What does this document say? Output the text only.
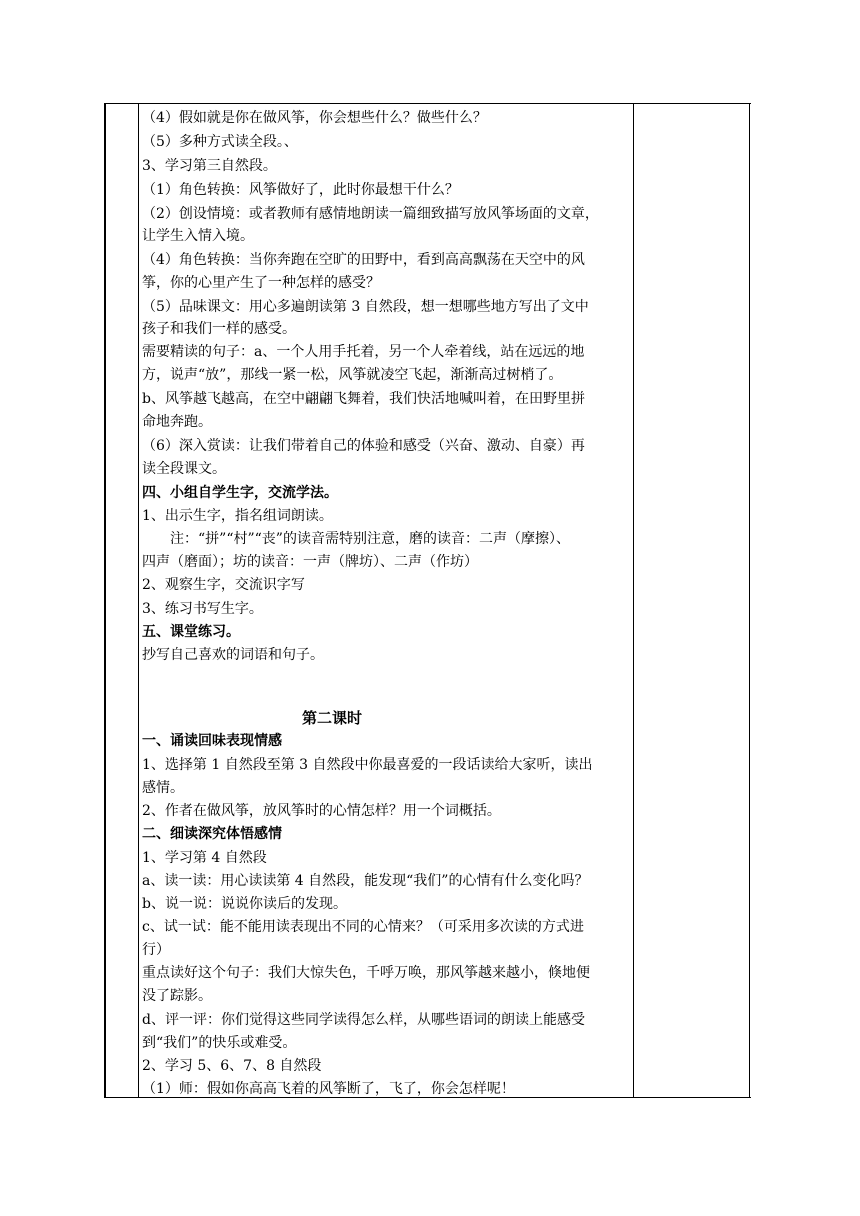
（4）假如就是你在做风筝，你会想些什么？做些什么？
（5）多种方式读全段。、
3、学习第三自然段。
（1）角色转换：风筝做好了，此时你最想干什么？
（2）创设情境：或者教师有感情地朗读一篇细致描写放风筝场面的文章，
让学生入情入境。
（4）角色转换：当你奔跑在空旷的田野中，看到高高飘荡在天空中的风
筝，你的心里产生了一种怎样的感受？
（5）品味课文：用心多遍朗读第 3 自然段，想一想哪些地方写出了文中
孩子和我们一样的感受。
需要精读的句子：a、一个人用手托着，另一个人牵着线，站在远远的地
方，说声“放”，那线一紧一松，风筝就凌空飞起，渐渐高过树梢了。
b、风筝越飞越高，在空中翩翩飞舞着，我们快活地喊叫着，在田野里拼
命地奔跑。
（6）深入赏读：让我们带着自己的体验和感受（兴奋、激动、自豪）再
读全段课文。
四、小组自学生字，交流学法。
1、出示生字，指名组词朗读。
注：“拼”“村”“丧”的读音需特别注意，磨的读音：二声（摩擦）、
四声（磨面）；坊的读音：一声（牌坊）、二声（作坊）
2、观察生字，交流识字写
3、练习书写生字。
五、课堂练习。
抄写自己喜欢的词语和句子。
第二课时
一、诵读回味表现情感
1、选择第 1 自然段至第 3 自然段中你最喜爱的一段话读给大家听，读出
感情。
2、作者在做风筝，放风筝时的心情怎样？用一个词概括。
二、细读深究体悟感情
1、学习第 4 自然段
a、读一读：用心读读第 4 自然段，能发现“我们”的心情有什么变化吗？
b、说一说：说说你读后的发现。
c、试一试：能不能用读表现出不同的心情来？（可采用多次读的方式进
行）
重点读好这个句子：我们大惊失色，千呼万唤，那风筝越来越小，倏地便
没了踪影。
d、评一评：你们觉得这些同学读得怎么样，从哪些语词的朗读上能感受
到“我们”的快乐或难受。
2、学习 5、6、7、8 自然段
（1）师：假如你高高飞着的风筝断了，飞了，你会怎样呢！
